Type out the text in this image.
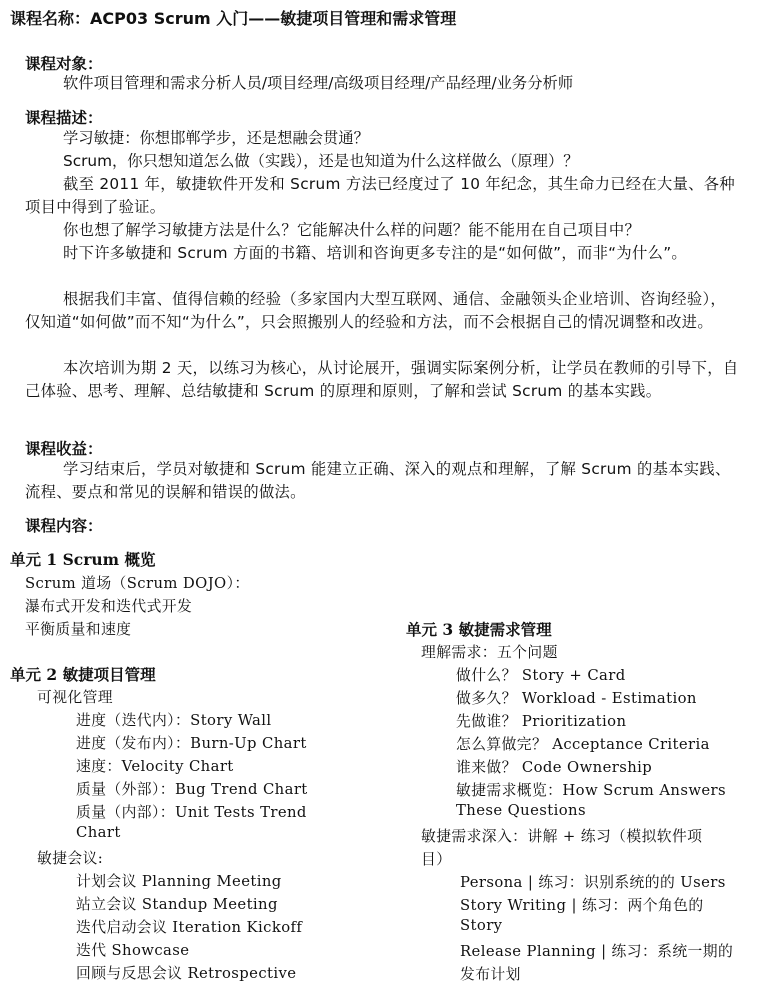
课程名称：ACP03 Scrum 入门——敏捷项目管理和需求管理
课程对象：
软件项目管理和需求分析人员/项目经理/高级项目经理/产品经理/业务分析师
课程描述：
学习敏捷：你想邯郸学步，还是想融会贯通？
Scrum，你只想知道怎么做（实践），还是也知道为什么这样做么（原理）？
截至 2011 年，敏捷软件开发和 Scrum 方法已经度过了 10 年纪念，其生命力已经在大量、各种项目中得到了验证。
你也想了解学习敏捷方法是什么？它能解决什么样的问题？能不能用在自己项目中？
时下许多敏捷和 Scrum 方面的书籍、培训和咨询更多专注的是“如何做”，而非“为什么”。
根据我们丰富、值得信赖的经验（多家国内大型互联网、通信、金融领头企业培训、咨询经验），仅知道“如何做”而不知“为什么”，只会照搬别人的经验和方法，而不会根据自己的情况调整和改进。
本次培训为期 2 天，以练习为核心，从讨论展开，强调实际案例分析，让学员在教师的引导下，自己体验、思考、理解、总结敏捷和 Scrum 的原理和原则，了解和尝试 Scrum 的基本实践。
课程收益：
学习结束后，学员对敏捷和 Scrum 能建立正确、深入的观点和理解，了解 Scrum 的基本实践、流程、要点和常见的误解和错误的做法。
课程内容：
单元 1 Scrum 概览
Scrum 道场（Scrum DOJO）：
瀑布式开发和迭代式开发
平衡质量和速度
单元 2 敏捷项目管理
可视化管理
进度（迭代内）：Story Wall
进度（发布内）：Burn-Up Chart
速度：Velocity Chart
质量（外部）：Bug Trend Chart
质量（内部）：Unit Tests Trend
Chart
敏捷会议:
计划会议 Planning Meeting
站立会议 Standup Meeting
迭代启动会议 Iteration Kickoff
迭代 Showcase
回顾与反思会议 Retrospective
单元 3 敏捷需求管理
理解需求：五个问题
做什么？ Story + Card
做多久？ Workload - Estimation
先做谁？ Prioritization
怎么算做完？ Acceptance Criteria
谁来做？ Code Ownership
敏捷需求概览：How Scrum Answers
These Questions
敏捷需求深入：讲解 + 练习（模拟软件项
目）
Persona | 练习：识别系统的的 Users
Story Writing | 练习：两个角色的
Story
Release Planning | 练习：系统一期的
发布计划
